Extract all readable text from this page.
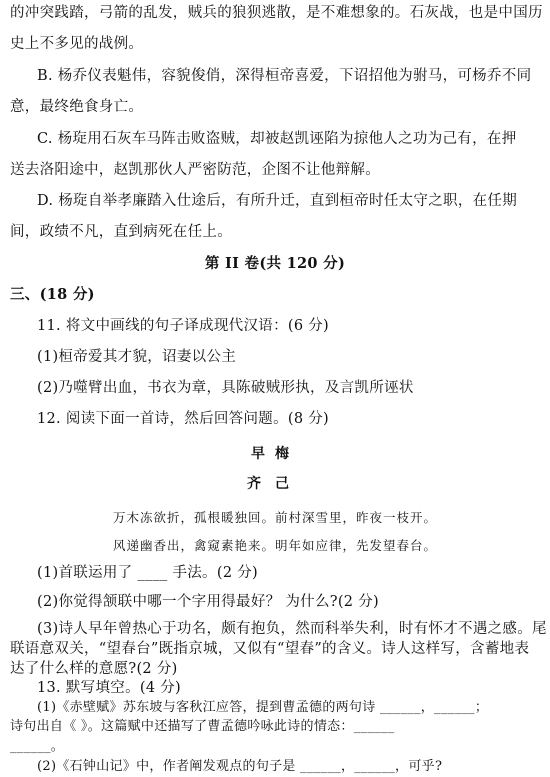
的冲突践踏，弓箭的乱发，贼兵的狼狈逃散，是不难想象的。石灰战，也是中国历
史上不多见的战例。
B. 杨乔仪表魁伟，容貌俊俏，深得桓帝喜爱，下诏招他为驸马，可杨乔不同
意，最终绝食身亡。
C. 杨琁用石灰车马阵击败盗贼，却被赵凯诬陷为掠他人之功为己有，在押
送去洛阳途中，赵凯那伙人严密防范，企图不让他辩解。
D. 杨琁自举孝廉踏入仕途后，有所升迁，直到桓帝时任太守之职，在任期
间，政绩不凡，直到病死在任上。
第 II 卷(共 120 分)
三、(18 分)
11. 将文中画线的句子译成现代汉语：(6 分)
(1)桓帝爱其才貌，诏妻以公主
(2)乃噬臂出血，书衣为章，具陈破贼形执，及言凯所诬状
12. 阅读下面一首诗，然后回答问题。(8 分)
早梅
齐己
万木冻欲折，孤根暖独回。前村深雪里，昨夜一枝开。
风递幽香出，禽窥素艳来。明年如应律，先发望春台。
(1)首联运用了 ____ 手法。(2 分)
(2)你觉得颔联中哪一个字用得最好？ 为什么?(2 分)
(3)诗人早年曾热心于功名，颇有抱负，然而科举失利，时有怀才不遇之感。尾
联语意双关，“望春台”既指京城，又似有“望春”的含义。诗人这样写，含蓄地表
达了什么样的意愿?(2 分)
13. 默写填空。(4 分)
(1)《赤壁赋》苏东坡与客秋江应答，提到曹孟德的两句诗 ______，______；
诗句出自《 》。这篇赋中还描写了曹孟德吟咏此诗的情态：______
______。
(2)《石钟山记》中，作者阐发观点的句子是 ______，______，可乎?
